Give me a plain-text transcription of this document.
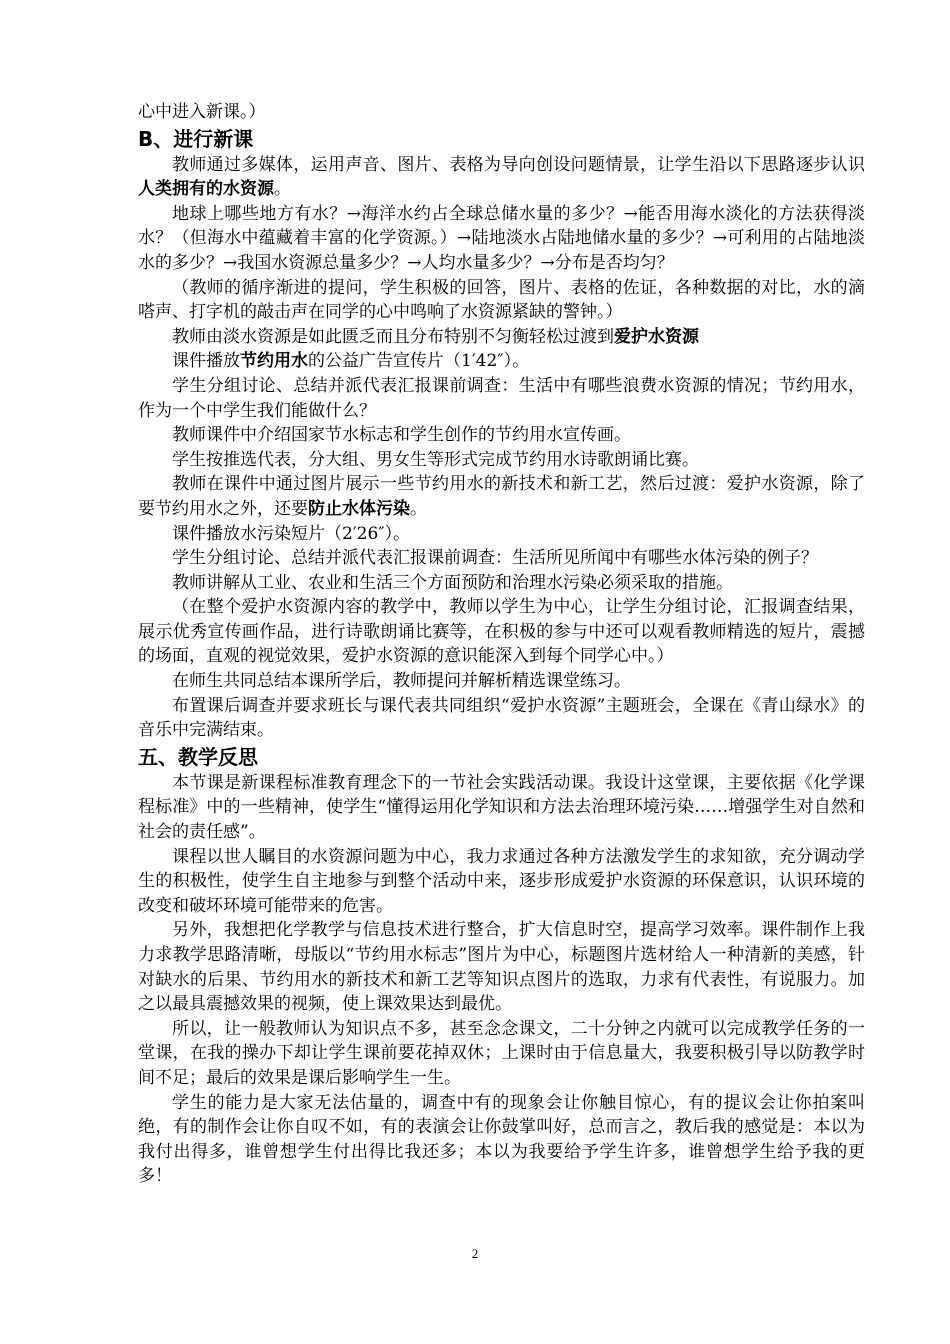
心中进入新课。）

B、进行新课

教师通过多媒体，运用声音、图片、表格为导向创设问题情景，让学生沿以下思路逐步认识人类拥有的水资源。

地球上哪些地方有水？→海洋水约占全球总储水量的多少？→能否用海水淡化的方法获得淡水？（但海水中蕴藏着丰富的化学资源。）→陆地淡水占陆地储水量的多少？→可利用的占陆地淡水的多少？→我国水资源总量多少？→人均水量多少？→分布是否均匀？

（教师的循序渐进的提问，学生积极的回答，图片、表格的佐证，各种数据的对比，水的滴嗒声、打字机的敲击声在同学的心中鸣响了水资源紧缺的警钟。）

教师由淡水资源是如此匮乏而且分布特别不匀衡轻松过渡到爱护水资源

课件播放节约用水的公益广告宣传片（1′42″）。

学生分组讨论、总结并派代表汇报课前调查：生活中有哪些浪费水资源的情况；节约用水，作为一个中学生我们能做什么？

教师课件中介绍国家节水标志和学生创作的节约用水宣传画。

学生按推选代表，分大组、男女生等形式完成节约用水诗歌朗诵比赛。

教师在课件中通过图片展示一些节约用水的新技术和新工艺，然后过渡：爱护水资源，除了要节约用水之外，还要防止水体污染。

课件播放水污染短片（2′26″）。

学生分组讨论、总结并派代表汇报课前调查：生活所见所闻中有哪些水体污染的例子？

教师讲解从工业、农业和生活三个方面预防和治理水污染必须采取的措施。

（在整个爱护水资源内容的教学中，教师以学生为中心，让学生分组讨论，汇报调查结果，展示优秀宣传画作品，进行诗歌朗诵比赛等，在积极的参与中还可以观看教师精选的短片，震撼的场面，直观的视觉效果，爱护水资源的意识能深入到每个同学心中。）

在师生共同总结本课所学后，教师提问并解析精选课堂练习。

布置课后调查并要求班长与课代表共同组织“爱护水资源”主题班会，全课在《青山绿水》的音乐中完满结束。

五、教学反思

本节课是新课程标准教育理念下的一节社会实践活动课。我设计这堂课，主要依据《化学课程标准》中的一些精神，使学生“懂得运用化学知识和方法去治理环境污染……增强学生对自然和社会的责任感”。

课程以世人瞩目的水资源问题为中心，我力求通过各种方法激发学生的求知欲，充分调动学生的积极性，使学生自主地参与到整个活动中来，逐步形成爱护水资源的环保意识，认识环境的改变和破坏环境可能带来的危害。

另外，我想把化学教学与信息技术进行整合，扩大信息时空，提高学习效率。课件制作上我力求教学思路清晰，母版以“节约用水标志”图片为中心，标题图片选材给人一种清新的美感，针对缺水的后果、节约用水的新技术和新工艺等知识点图片的选取，力求有代表性，有说服力。加之以最具震撼效果的视频，使上课效果达到最优。

所以，让一般教师认为知识点不多，甚至念念课文，二十分钟之内就可以完成教学任务的一堂课，在我的操办下却让学生课前要花掉双休；上课时由于信息量大，我要积极引导以防教学时间不足；最后的效果是课后影响学生一生。

学生的能力是大家无法估量的，调查中有的现象会让你触目惊心，有的提议会让你拍案叫绝，有的制作会让你自叹不如，有的表演会让你鼓掌叫好，总而言之，教后我的感觉是：本以为我付出得多，谁曾想学生付出得比我还多；本以为我要给予学生许多，谁曾想学生给予我的更多！

2
